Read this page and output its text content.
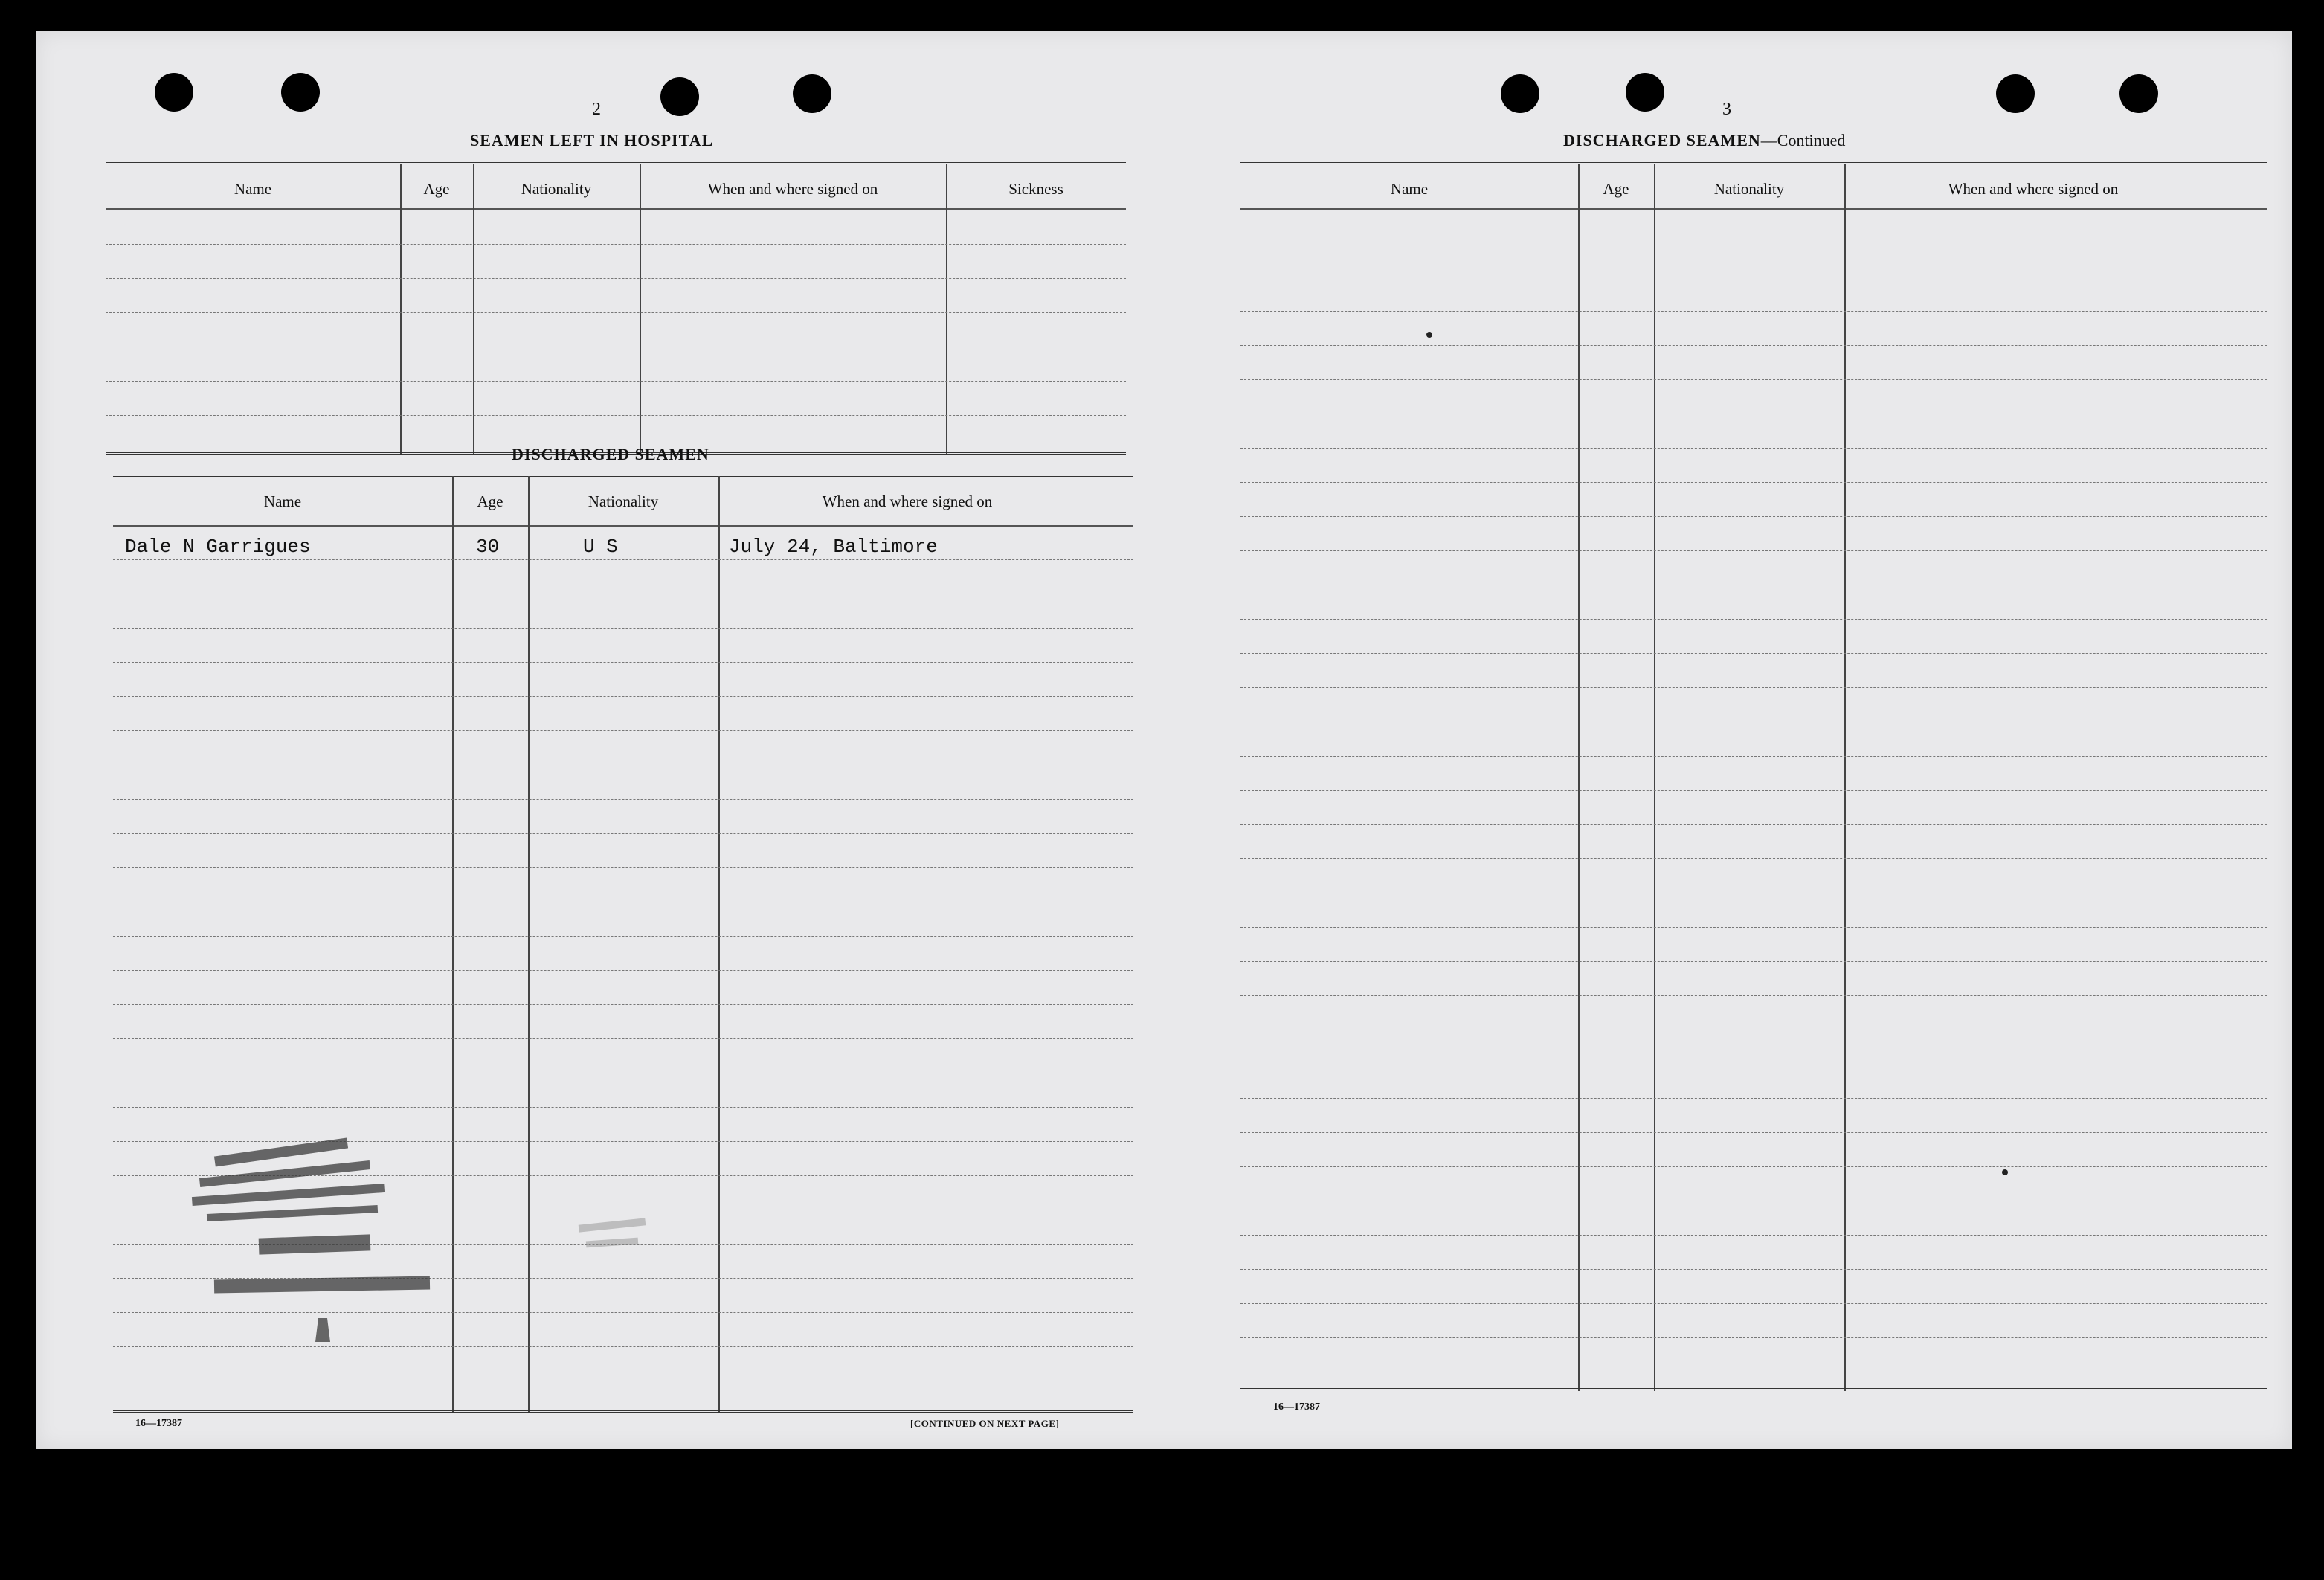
2
SEAMEN LEFT IN HOSPITAL
Name	Age	Nationality	When and where signed on	Sickness
DISCHARGED SEAMEN
Name	Age	Nationality	When and where signed on
Dale N Garrigues	30	U S	July 24, Baltimore
16—17387	[CONTINUED ON NEXT PAGE]
3
DISCHARGED SEAMEN—Continued
Name	Age	Nationality	When and where signed on
16—17387
